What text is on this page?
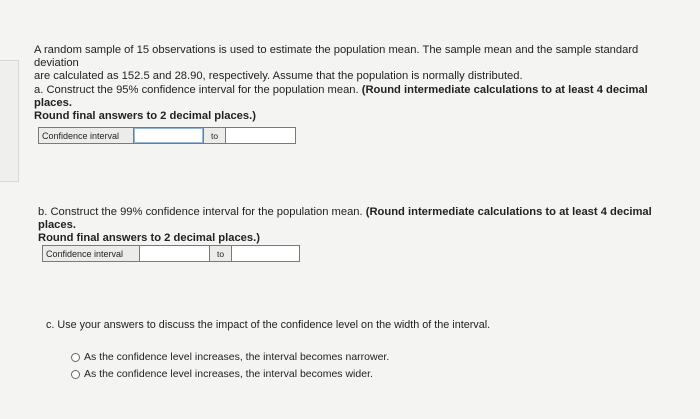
A random sample of 15 observations is used to estimate the population mean. The sample mean and the sample standard deviation
are calculated as 152.5 and 28.90, respectively. Assume that the population is normally distributed.
a. Construct the 95% confidence interval for the population mean. (Round intermediate calculations to at least 4 decimal places.
Round final answers to 2 decimal places.)
Confidence interval	to
b. Construct the 99% confidence interval for the population mean. (Round intermediate calculations to at least 4 decimal places.
Round final answers to 2 decimal places.)
Confidence interval	to
c. Use your answers to discuss the impact of the confidence level on the width of the interval.
As the confidence level increases, the interval becomes narrower.
As the confidence level increases, the interval becomes wider.
